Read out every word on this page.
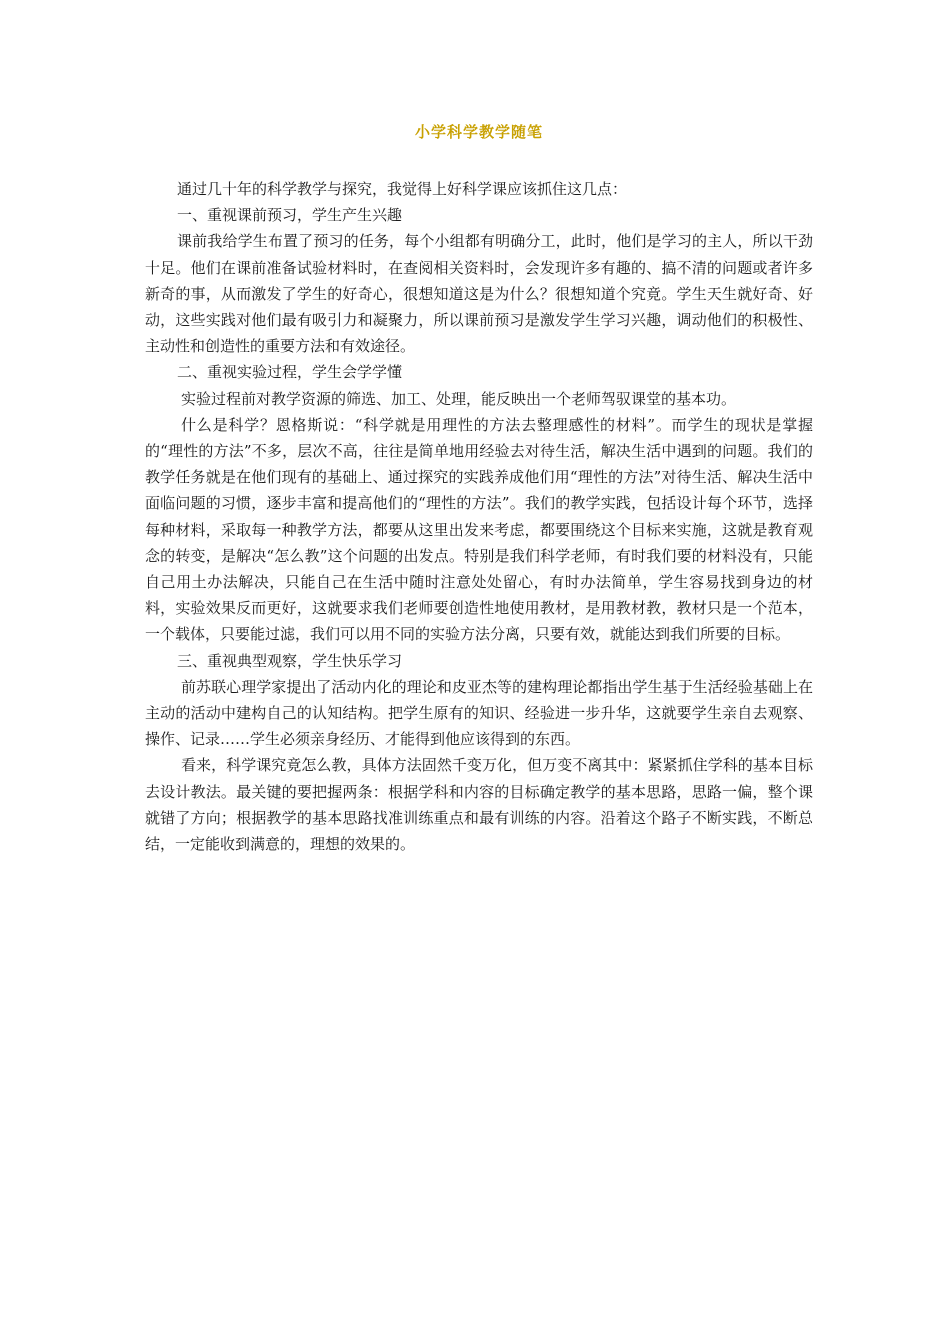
小学科学教学随笔

通过几十年的科学教学与探究，我觉得上好科学课应该抓住这几点：

一、重视课前预习，学生产生兴趣

课前我给学生布置了预习的任务，每个小组都有明确分工，此时，他们是学习的主人，所以干劲十足。他们在课前准备试验材料时，在查阅相关资料时，会发现许多有趣的、搞不清的问题或者许多新奇的事，从而激发了学生的好奇心，很想知道这是为什么？很想知道个究竟。学生天生就好奇、好动，这些实践对他们最有吸引力和凝聚力，所以课前预习是激发学生学习兴趣，调动他们的积极性、主动性和创造性的重要方法和有效途径。

二、重视实验过程，学生会学学懂

实验过程前对教学资源的筛选、加工、处理，能反映出一个老师驾驭课堂的基本功。

什么是科学？恩格斯说：“科学就是用理性的方法去整理感性的材料”。而学生的现状是掌握的“理性的方法”不多，层次不高，往往是简单地用经验去对待生活，解决生活中遇到的问题。我们的教学任务就是在他们现有的基础上、通过探究的实践养成他们用“理性的方法”对待生活、解决生活中面临问题的习惯，逐步丰富和提高他们的“理性的方法”。我们的教学实践，包括设计每个环节，选择每种材料，采取每一种教学方法，都要从这里出发来考虑，都要围绕这个目标来实施，这就是教育观念的转变，是解决“怎么教”这个问题的出发点。特别是我们科学老师，有时我们要的材料没有，只能自己用土办法解决，只能自己在生活中随时注意处处留心，有时办法简单，学生容易找到身边的材料，实验效果反而更好，这就要求我们老师要创造性地使用教材，是用教材教，教材只是一个范本，一个载体，只要能过滤，我们可以用不同的实验方法分离，只要有效，就能达到我们所要的目标。

三、重视典型观察，学生快乐学习

前苏联心理学家提出了活动内化的理论和皮亚杰等的建构理论都指出学生基于生活经验基础上在主动的活动中建构自己的认知结构。把学生原有的知识、经验进一步升华，这就要学生亲自去观察、操作、记录……学生必须亲身经历、才能得到他应该得到的东西。

看来，科学课究竟怎么教，具体方法固然千变万化，但万变不离其中：紧紧抓住学科的基本目标去设计教法。最关键的要把握两条：根据学科和内容的目标确定教学的基本思路，思路一偏，整个课就错了方向；根据教学的基本思路找准训练重点和最有训练的内容。沿着这个路子不断实践，不断总结，一定能收到满意的，理想的效果的。
